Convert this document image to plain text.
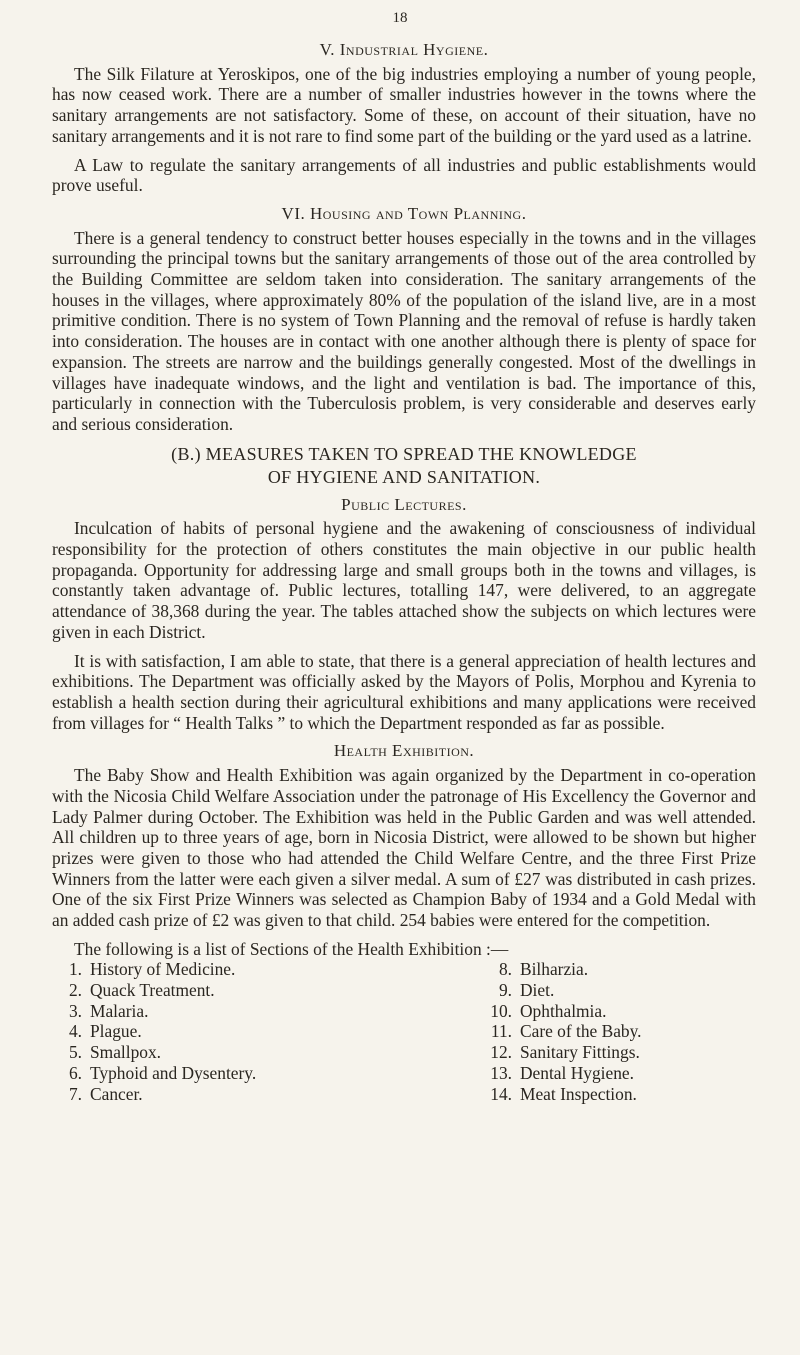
18
V. Industrial Hygiene.

The Silk Filature at Yeroskipos, one of the big industries employing a number of young people, has now ceased work. There are a number of smaller industries however in the towns where the sanitary arrangements are not satisfactory. Some of these, on account of their situation, have no sanitary arrangements and it is not rare to find some part of the building or the yard used as a latrine.

A Law to regulate the sanitary arrangements of all industries and public establishments would prove useful.

VI. Housing and Town Planning.

There is a general tendency to construct better houses especially in the towns and in the villages surrounding the principal towns but the sanitary arrangements of those out of the area controlled by the Building Committee are seldom taken into consideration. The sanitary arrangements of the houses in the villages, where approximately 80% of the population of the island live, are in a most primitive condition. There is no system of Town Planning and the removal of refuse is hardly taken into consideration. The houses are in contact with one another although there is plenty of space for expansion. The streets are narrow and the buildings generally congested. Most of the dwellings in villages have inadequate windows, and the light and ventilation is bad. The importance of this, particularly in connection with the Tuberculosis problem, is very considerable and deserves early and serious consideration.

(B.) MEASURES TAKEN TO SPREAD THE KNOWLEDGE
OF HYGIENE AND SANITATION.
Public Lectures.

Inculcation of habits of personal hygiene and the awakening of consciousness of individual responsibility for the protection of others constitutes the main objective in our public health propaganda. Opportunity for addressing large and small groups both in the towns and villages, is constantly taken advantage of. Public lectures, totalling 147, were delivered, to an aggregate attendance of 38,368 during the year. The tables attached show the subjects on which lectures were given in each District.

It is with satisfaction, I am able to state, that there is a general appreciation of health lectures and exhibitions. The Department was officially asked by the Mayors of Polis, Morphou and Kyrenia to establish a health section during their agricultural exhibitions and many applications were received from villages for “ Health Talks ” to which the Department responded as far as possible.

Health Exhibition.

The Baby Show and Health Exhibition was again organized by the Department in co-operation with the Nicosia Child Welfare Association under the patronage of His Excellency the Governor and Lady Palmer during October. The Exhibition was held in the Public Garden and was well attended. All children up to three years of age, born in Nicosia District, were allowed to be shown but higher prizes were given to those who had attended the Child Welfare Centre, and the three First Prize Winners from the latter were each given a silver medal. A sum of £27 was distributed in cash prizes. One of the six First Prize Winners was selected as Champion Baby of 1934 and a Gold Medal with an added cash prize of £2 was given to that child. 254 babies were entered for the competition.

The following is a list of Sections of the Health Exhibition :—
1. History of Medicine.
2. Quack Treatment.
3. Malaria.
4. Plague.
5. Smallpox.
6. Typhoid and Dysentery.
7. Cancer.
8. Bilharzia.
9. Diet.
10. Ophthalmia.
11. Care of the Baby.
12. Sanitary Fittings.
13. Dental Hygiene.
14. Meat Inspection.
